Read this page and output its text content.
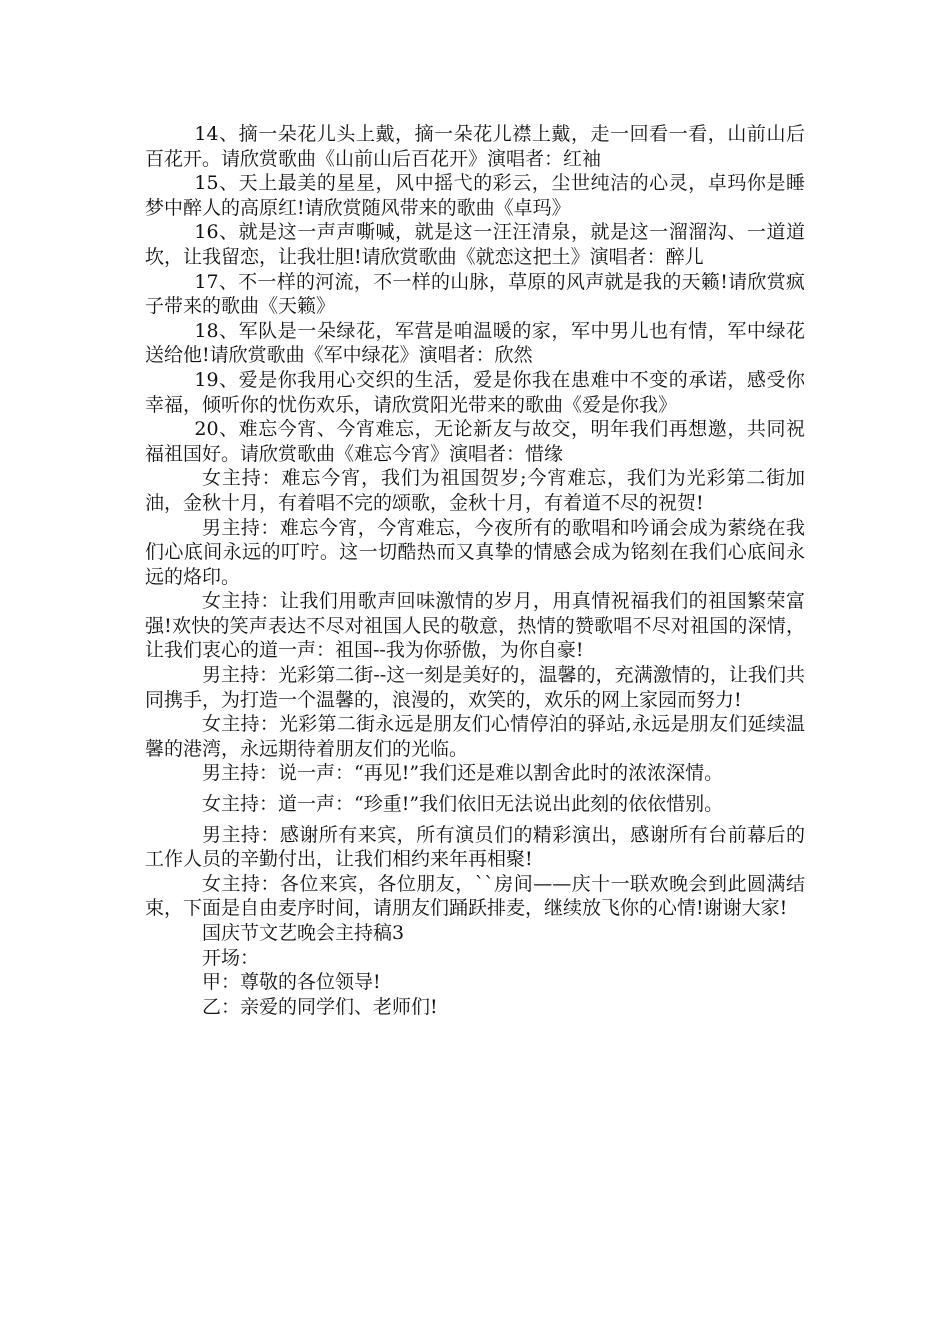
14、摘一朵花儿头上戴，摘一朵花儿襟上戴，走一回看一看，山前山后百花开。请欣赏歌曲《山前山后百花开》演唱者：红袖

15、天上最美的星星，风中摇弋的彩云，尘世纯洁的心灵，卓玛你是睡梦中醉人的高原红!请欣赏随风带来的歌曲《卓玛》

16、就是这一声声嘶喊，就是这一汪汪清泉，就是这一溜溜沟、一道道坎，让我留恋，让我壮胆!请欣赏歌曲《就恋这把土》演唱者：醉儿

17、不一样的河流，不一样的山脉，草原的风声就是我的天籁!请欣赏疯子带来的歌曲《天籁》

18、军队是一朵绿花，军营是咱温暖的家，军中男儿也有情，军中绿花送给他!请欣赏歌曲《军中绿花》演唱者：欣然

19、爱是你我用心交织的生活，爱是你我在患难中不变的承诺，感受你幸福，倾听你的忧伤欢乐，请欣赏阳光带来的歌曲《爱是你我》

20、难忘今宵、今宵难忘，无论新友与故交，明年我们再想邀，共同祝福祖国好。请欣赏歌曲《难忘今宵》演唱者：惜缘

女主持：难忘今宵，我们为祖国贺岁;今宵难忘，我们为光彩第二街加油，金秋十月，有着唱不完的颂歌，金秋十月，有着道不尽的祝贺!

男主持：难忘今宵，今宵难忘，今夜所有的歌唱和吟诵会成为萦绕在我们心底间永远的叮咛。这一切酷热而又真挚的情感会成为铭刻在我们心底间永远的烙印。

女主持：让我们用歌声回味激情的岁月，用真情祝福我们的祖国繁荣富强!欢快的笑声表达不尽对祖国人民的敬意，热情的赞歌唱不尽对祖国的深情，让我们衷心的道一声：祖国--我为你骄傲，为你自豪!

男主持：光彩第二街--这一刻是美好的，温馨的，充满激情的，让我们共同携手，为打造一个温馨的，浪漫的，欢笑的，欢乐的网上家园而努力!

女主持：光彩第二街永远是朋友们心情停泊的驿站,永远是朋友们延续温馨的港湾，永远期待着朋友们的光临。

男主持：说一声：“再见!”我们还是难以割舍此时的浓浓深情。

女主持：道一声：“珍重!”我们依旧无法说出此刻的依依惜别。

男主持：感谢所有来宾，所有演员们的精彩演出，感谢所有台前幕后的工作人员的辛勤付出，让我们相约来年再相聚!

女主持：各位来宾，各位朋友，``房间——庆十一联欢晚会到此圆满结束，下面是自由麦序时间，请朋友们踊跃排麦，继续放飞你的心情!谢谢大家!

国庆节文艺晚会主持稿3

开场：

甲：尊敬的各位领导!

乙：亲爱的同学们、老师们!
